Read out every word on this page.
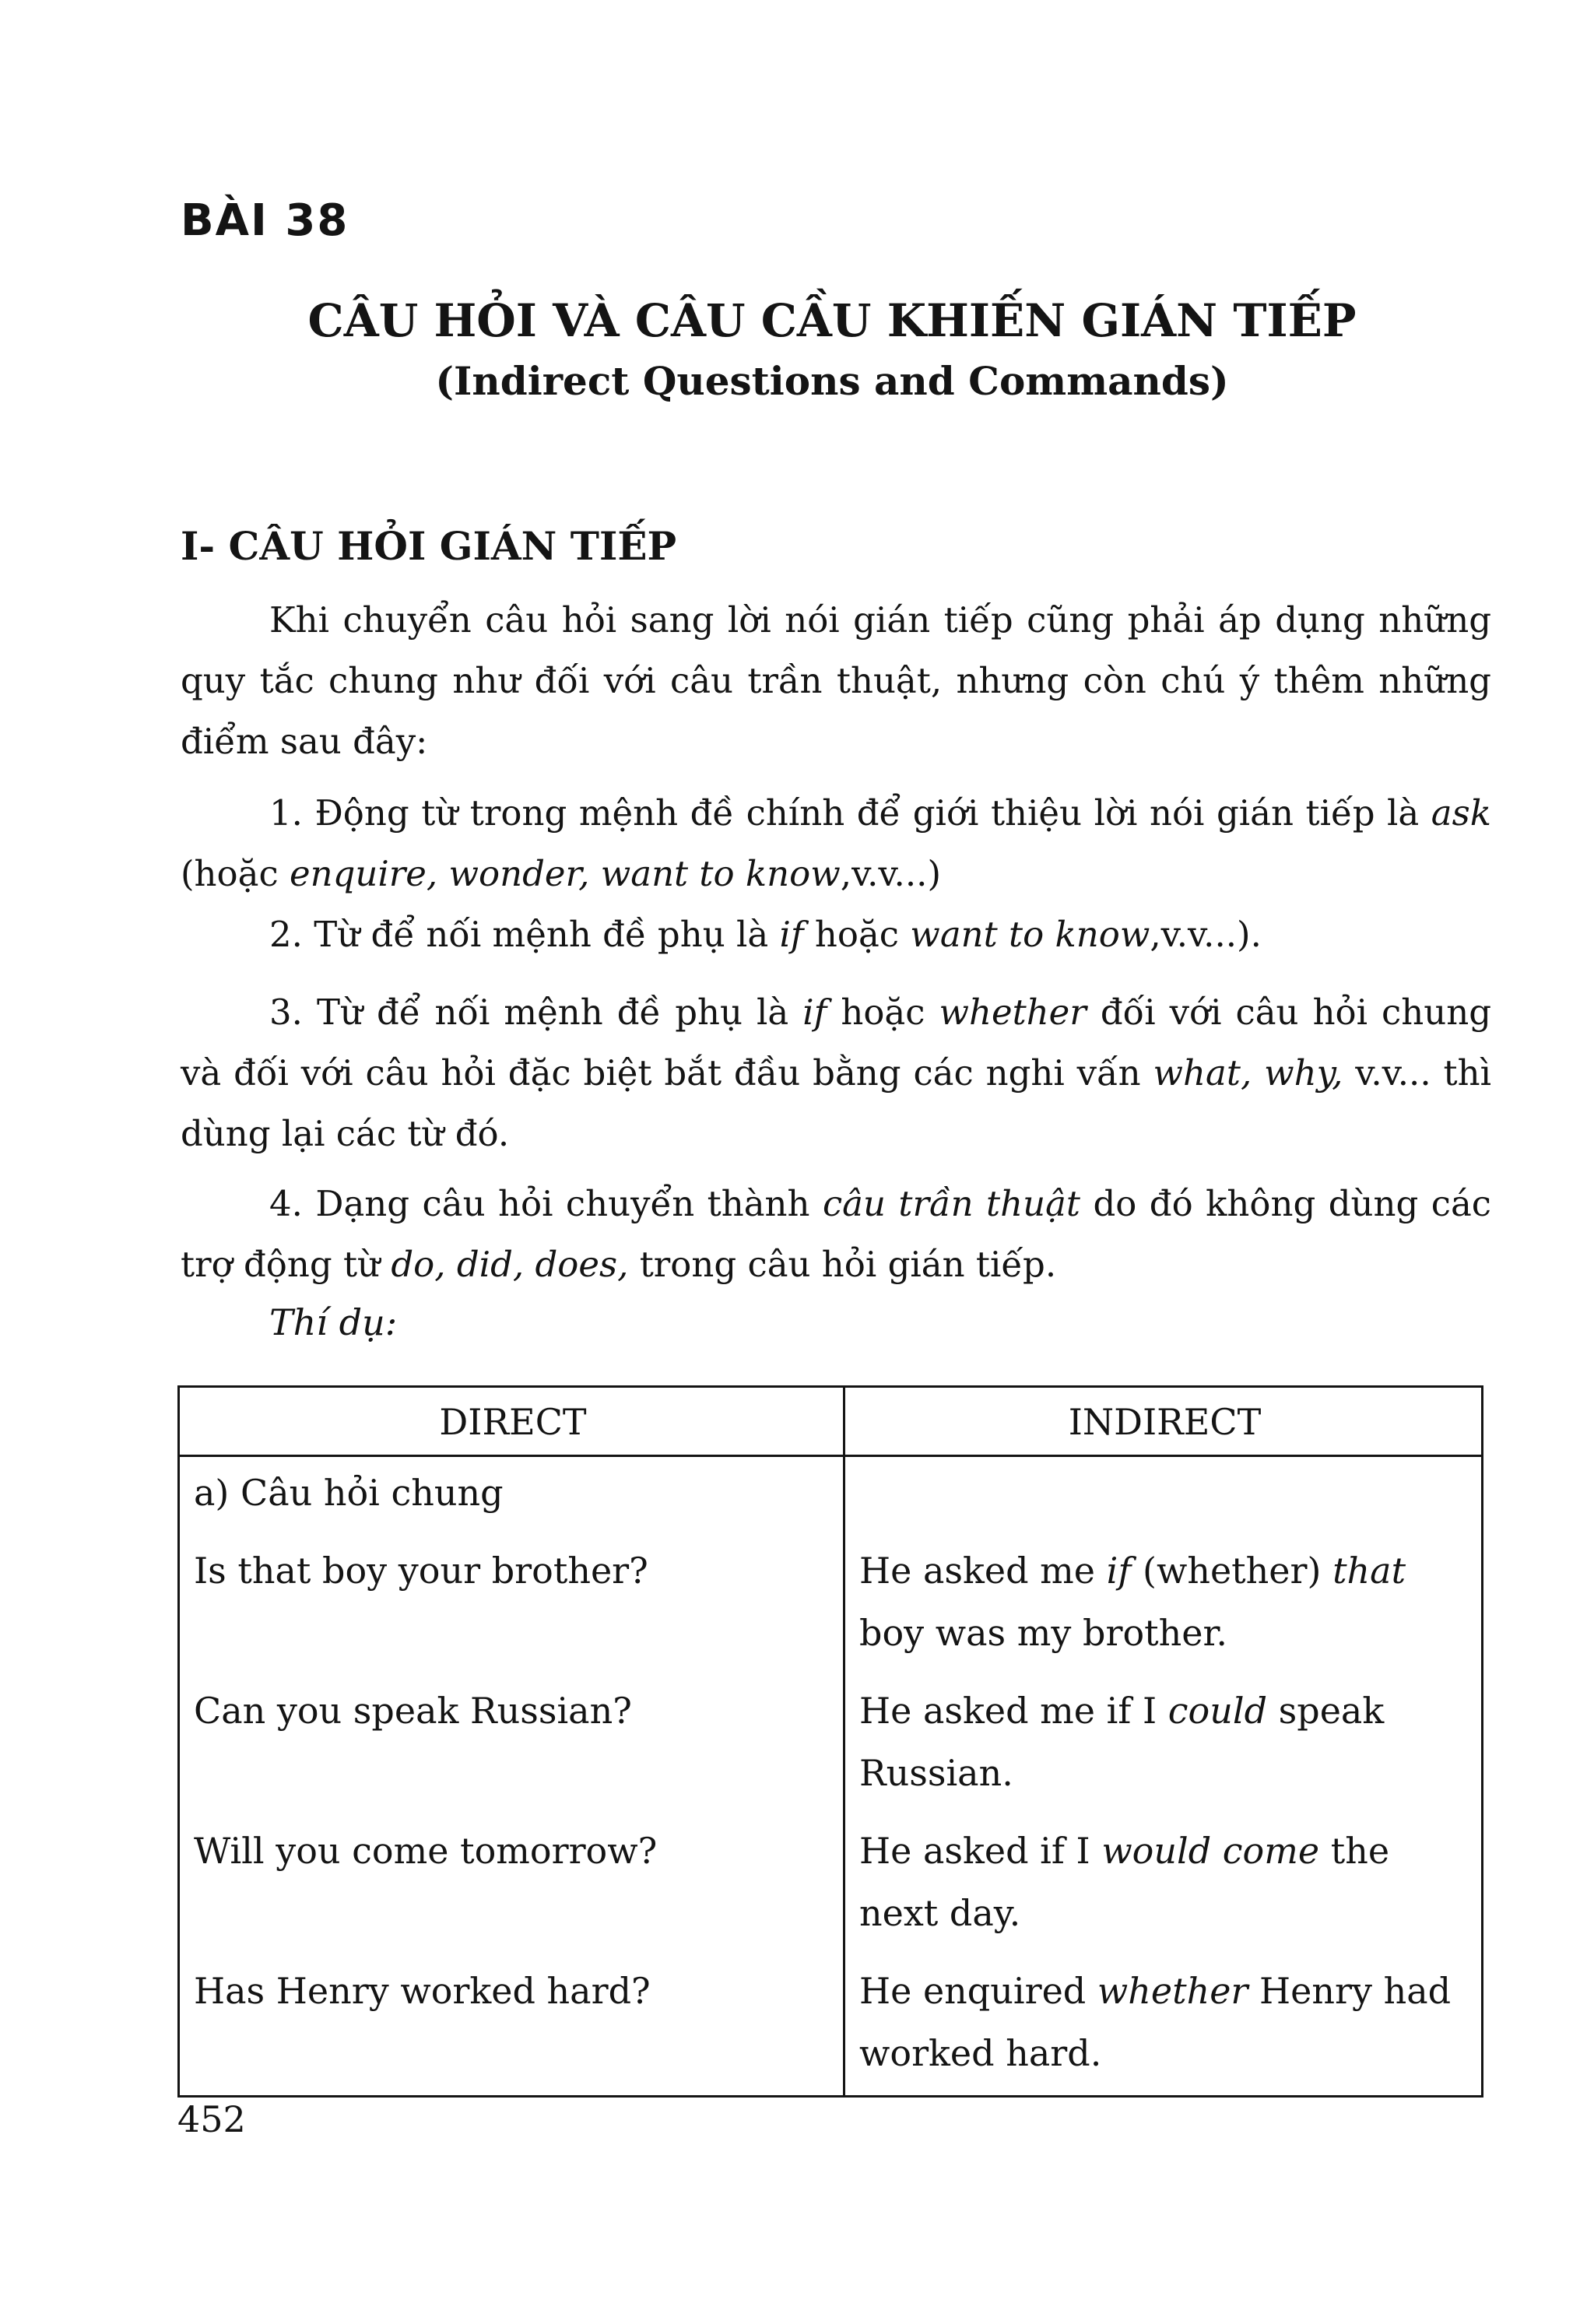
BÀI 38
CÂU HỎI VÀ CÂU CẦU KHIẾN GIÁN TIẾP
(Indirect Questions and Commands)
I- CÂU HỎI GIÁN TIẾP
Khi chuyển câu hỏi sang lời nói gián tiếp cũng phải áp dụng những quy tắc chung như đối với câu trần thuật, nhưng còn chú ý thêm những điểm sau đây:
1. Động từ trong mệnh đề chính để giới thiệu lời nói gián tiếp là ask (hoặc enquire, wonder, want to know,v.v...)
2. Từ để nối mệnh đề phụ là if hoặc want to know,v.v...).
3. Từ để nối mệnh đề phụ là if hoặc whether đối với câu hỏi chung và đối với câu hỏi đặc biệt bắt đầu bằng các nghi vấn what, why, v.v... thì dùng lại các từ đó.
4. Dạng câu hỏi chuyển thành câu trần thuật do đó không dùng các trợ động từ do, did, does, trong câu hỏi gián tiếp.
Thí dụ:
DIRECT	INDIRECT
a) Câu hỏi chung	
Is that boy your brother?	He asked me if (whether) that boy was my brother.
Can you speak Russian?	He asked me if I could speak Russian.
Will you come tomorrow?	He asked if I would come the next day.
Has Henry worked hard?	He enquired whether Henry had worked hard.
452
